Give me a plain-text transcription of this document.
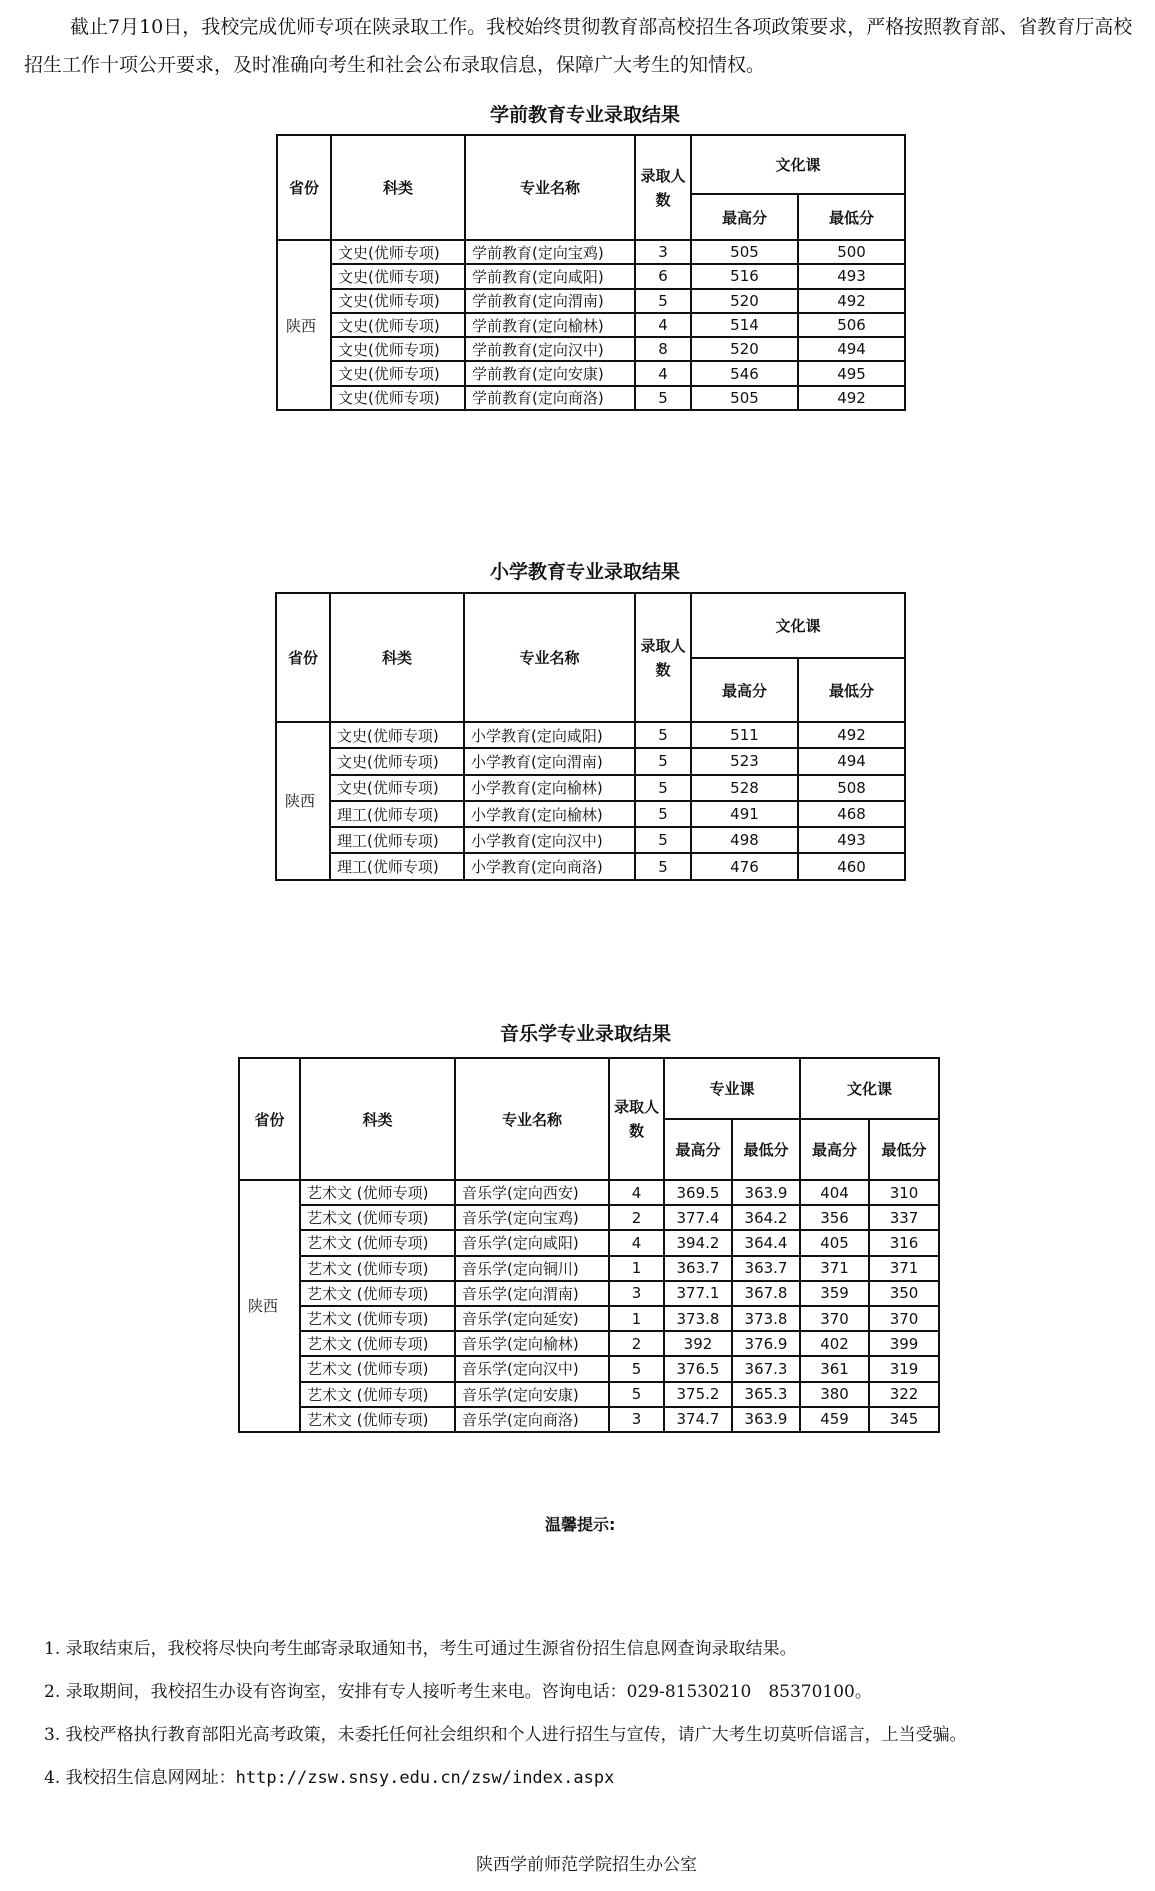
截止7月10日，我校完成优师专项在陕录取工作。我校始终贯彻教育部高校招生各项政策要求，严格按照教育部、省教育厅高校招生工作十项公开要求，及时准确向考生和社会公布录取信息，保障广大考生的知情权。

学前教育专业录取结果
省份	科类	专业名称	录取人数	文化课	
				最高分	最低分
陕西	文史(优师专项)	学前教育(定向宝鸡)	3	505	500
	文史(优师专项)	学前教育(定向咸阳)	6	516	493
	文史(优师专项)	学前教育(定向渭南)	5	520	492
	文史(优师专项)	学前教育(定向榆林)	4	514	506
	文史(优师专项)	学前教育(定向汉中)	8	520	494
	文史(优师专项)	学前教育(定向安康)	4	546	495
	文史(优师专项)	学前教育(定向商洛)	5	505	492
小学教育专业录取结果
省份	科类	专业名称	录取人数	文化课	
				最高分	最低分
陕西	文史(优师专项)	小学教育(定向咸阳)	5	511	492
	文史(优师专项)	小学教育(定向渭南)	5	523	494
	文史(优师专项)	小学教育(定向榆林)	5	528	508
	理工(优师专项)	小学教育(定向榆林)	5	491	468
	理工(优师专项)	小学教育(定向汉中)	5	498	493
	理工(优师专项)	小学教育(定向商洛)	5	476	460
音乐学专业录取结果
省份	科类	专业名称	录取人数	专业课		文化课	
				最高分	最低分	最高分	最低分
陕西	艺术文 (优师专项)	音乐学(定向西安)	4	369.5	363.9	404	310
	艺术文 (优师专项)	音乐学(定向宝鸡)	2	377.4	364.2	356	337
	艺术文 (优师专项)	音乐学(定向咸阳)	4	394.2	364.4	405	316
	艺术文 (优师专项)	音乐学(定向铜川)	1	363.7	363.7	371	371
	艺术文 (优师专项)	音乐学(定向渭南)	3	377.1	367.8	359	350
	艺术文 (优师专项)	音乐学(定向延安)	1	373.8	373.8	370	370
	艺术文 (优师专项)	音乐学(定向榆林)	2	392	376.9	402	399
	艺术文 (优师专项)	音乐学(定向汉中)	5	376.5	367.3	361	319
	艺术文 (优师专项)	音乐学(定向安康)	5	375.2	365.3	380	322
	艺术文 (优师专项)	音乐学(定向商洛)	3	374.7	363.9	459	345
温馨提示:
1. 录取结束后，我校将尽快向考生邮寄录取通知书，考生可通过生源省份招生信息网查询录取结果。
2. 录取期间，我校招生办设有咨询室，安排有专人接听考生来电。咨询电话：029-81530210　85370100。
3. 我校严格执行教育部阳光高考政策，未委托任何社会组织和个人进行招生与宣传，请广大考生切莫听信谣言，上当受骗。
4. 我校招生信息网网址：http://zsw.snsy.edu.cn/zsw/index.aspx
陕西学前师范学院招生办公室
